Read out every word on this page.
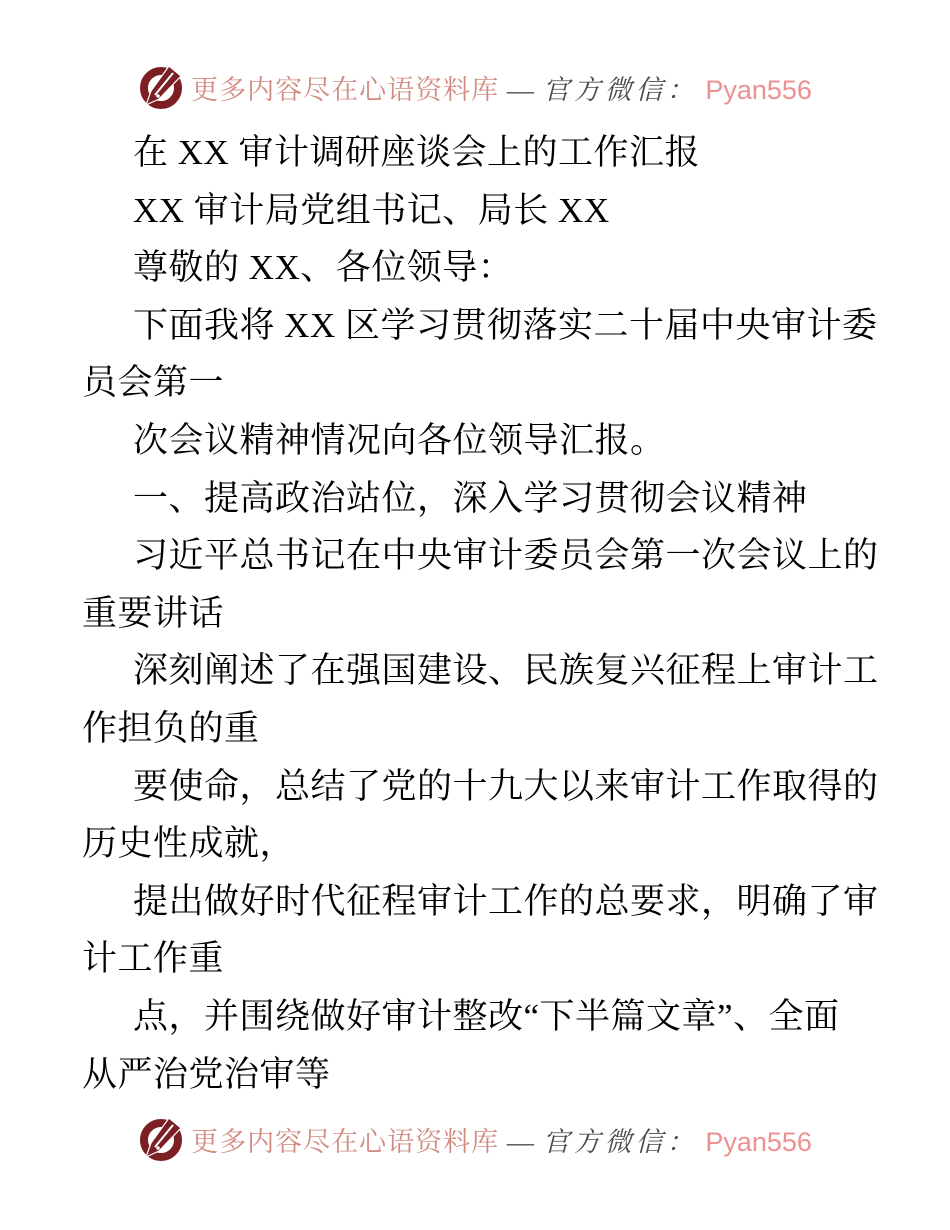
更多内容尽在心语资料库 — 官方微信： Pyan556
在 XX 审计调研座谈会上的工作汇报
XX 审计局党组书记、局长 XX
尊敬的 XX、各位领导：
下面我将 XX 区学习贯彻落实二十届中央审计委
员会第一
次会议精神情况向各位领导汇报。
一、提高政治站位，深入学习贯彻会议精神
习近平总书记在中央审计委员会第一次会议上的
重要讲话
深刻阐述了在强国建设、民族复兴征程上审计工
作担负的重
要使命，总结了党的十九大以来审计工作取得的
历史性成就，
提出做好时代征程审计工作的总要求，明确了审
计工作重
点，并围绕做好审计整改“下半篇文章”、全面
从严治党治审等
更多内容尽在心语资料库 — 官方微信： Pyan556
